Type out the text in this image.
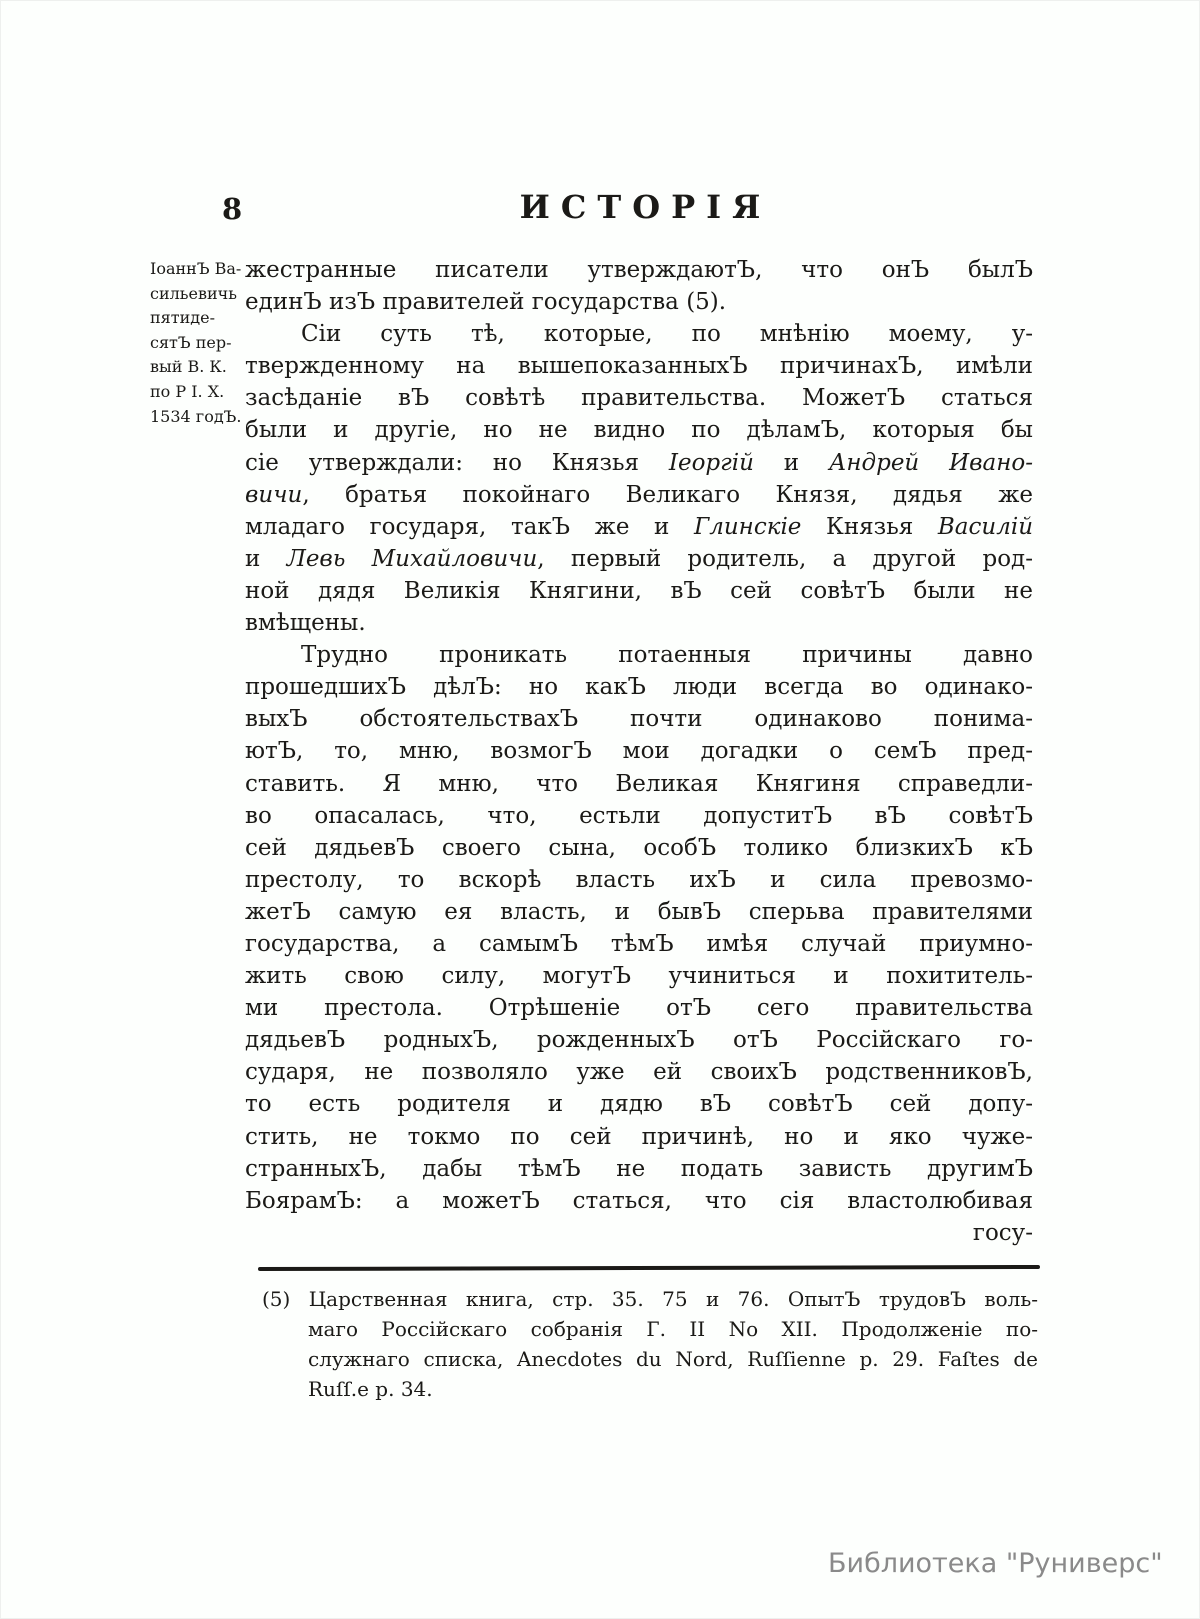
8	ИСТОРІЯ
ІоаннЪ Ва-
сильевичь
пятиде-
сятЪ пер-
вый В. К.
по Р І. Х.
1534 годЪ.
жестранные писатели утверждаютЪ, что онЪ былЪ
единЪ изЪ правителей государства (5).
Сіи суть тѣ, которые, по мнѣнію моему, у-
твержденному на вышепоказанныхЪ причинахЪ, имѣли
засѣданіе вЪ совѣтѣ правительства. МожетЪ статься
были и другіе, но не видно по дѣламЪ, которыя бы
сіе утверждали: но Князья Іеоргій и Андрей Ивано-
вичи, братья покойнаго Великаго Князя, дядья же
младаго государя, такЪ же и Глинскіе Князья Василій
и Левь Михайловичи, первый родитель, а другой род-
ной дядя Великія Княгини, вЪ сей совѣтЪ были не
вмѣщены.
Трудно проникать потаенныя причины давно
прошедшихЪ дѣлЪ: но какЪ люди всегда во одинако-
выхЪ обстоятельствахЪ почти одинаково понима-
ютЪ, то, мню, возмогЪ мои догадки о семЪ пред-
ставить. Я мню, что Великая Княгиня справедли-
во опасалась, что, естьли допуститЪ вЪ совѣтЪ
сей дядьевЪ своего сына, особЪ толико близкихЪ кЪ
престолу, то вскорѣ власть ихЪ и сила превозмо-
жетЪ самую ея власть, и бывЪ сперьва правителями
государства, а самымЪ тѣмЪ имѣя случай приумно-
жить свою силу, могутЪ учиниться и похититель-
ми престола. Отрѣшеніе отЪ сего правительства
дядьевЪ родныхЪ, рожденныхЪ отЪ Россійскаго го-
сударя, не позволяло уже ей своихЪ родственниковЪ,
то есть родителя и дядю вЪ совѣтЪ сей допу-
стить, не токмо по сей причинѣ, но и яко чуже-
странныхЪ, дабы тѣмЪ не подать зависть другимЪ
БоярамЪ: а можетЪ статься, что сія властолюбивая
госу-
(5) Царственная книга, стр. 35. 75 и 76. ОпытЪ трудовЪ воль-
маго Россійскаго собранія Г. II No XII. Продолженіе по-
служнаго списка, Anecdotes du Nord, Ruſſienne p. 29. Faſtes de
Ruſſ.e p. 34.
Библиотека "Руниверс"
